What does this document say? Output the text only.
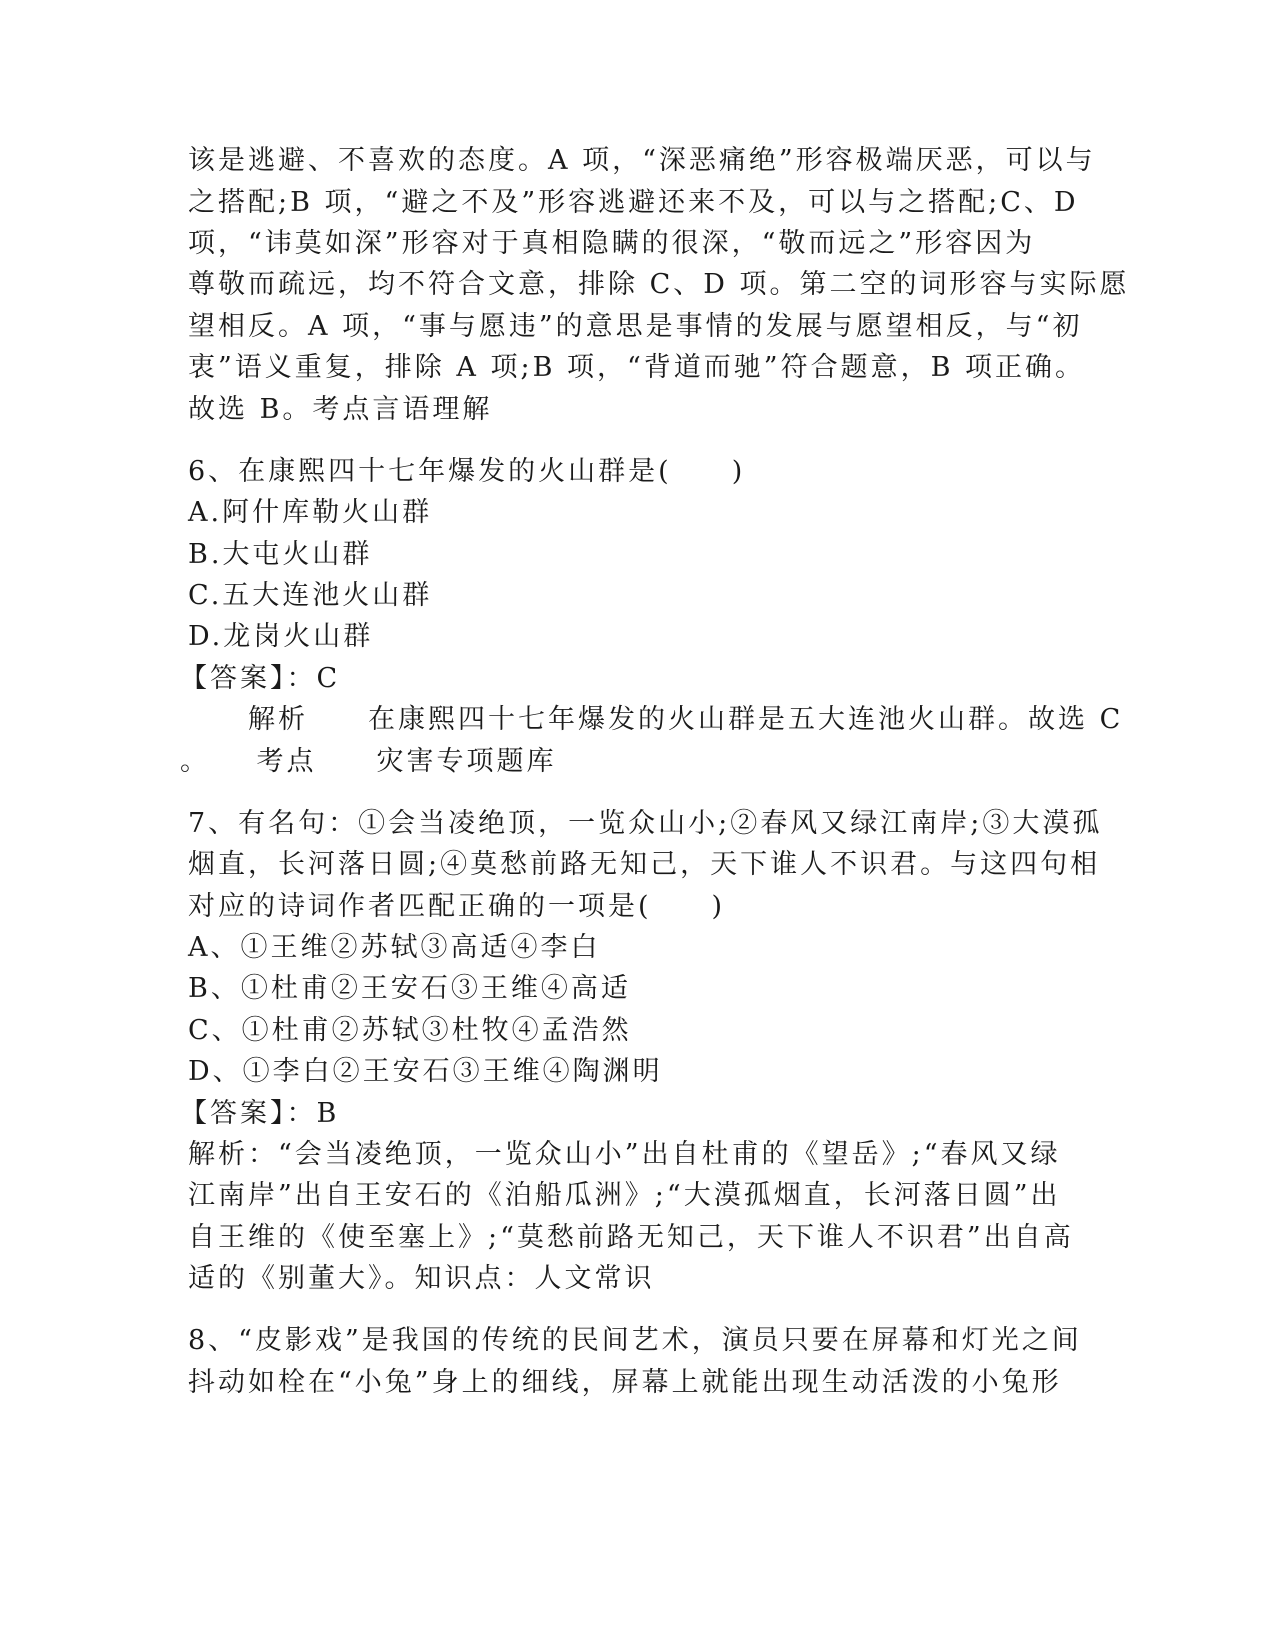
该是逃避、不喜欢的态度。A 项，“深恶痛绝”形容极端厌恶，可以与
之搭配;B 项，“避之不及”形容逃避还来不及，可以与之搭配;C、D
项，“讳莫如深”形容对于真相隐瞒的很深，“敬而远之”形容因为
尊敬而疏远，均不符合文意，排除 C、D 项。第二空的词形容与实际愿
望相反。A 项，“事与愿违”的意思是事情的发展与愿望相反，与“初
衷”语义重复，排除 A 项;B 项，“背道而驰”符合题意，B 项正确。
故选 B。考点言语理解
6、在康熙四十七年爆发的火山群是(　　)
A.阿什库勒火山群
B.大屯火山群
C.五大连池火山群
D.龙岗火山群
【答案】：C
　　解析　　在康熙四十七年爆发的火山群是五大连池火山群。故选 C
。　　考点　　灾害专项题库
7、有名句：①会当凌绝顶，一览众山小;②春风又绿江南岸;③大漠孤
烟直，长河落日圆;④莫愁前路无知己，天下谁人不识君。与这四句相
对应的诗词作者匹配正确的一项是(　　)
A、①王维②苏轼③高适④李白
B、①杜甫②王安石③王维④高适
C、①杜甫②苏轼③杜牧④孟浩然
D、①李白②王安石③王维④陶渊明
【答案】：B
解析：“会当凌绝顶，一览众山小”出自杜甫的《望岳》;“春风又绿
江南岸”出自王安石的《泊船瓜洲》;“大漠孤烟直，长河落日圆”出
自王维的《使至塞上》;“莫愁前路无知己，天下谁人不识君”出自高
适的《别董大》。知识点：人文常识
8、“皮影戏”是我国的传统的民间艺术，演员只要在屏幕和灯光之间
抖动如栓在“小兔”身上的细线，屏幕上就能出现生动活泼的小兔形
